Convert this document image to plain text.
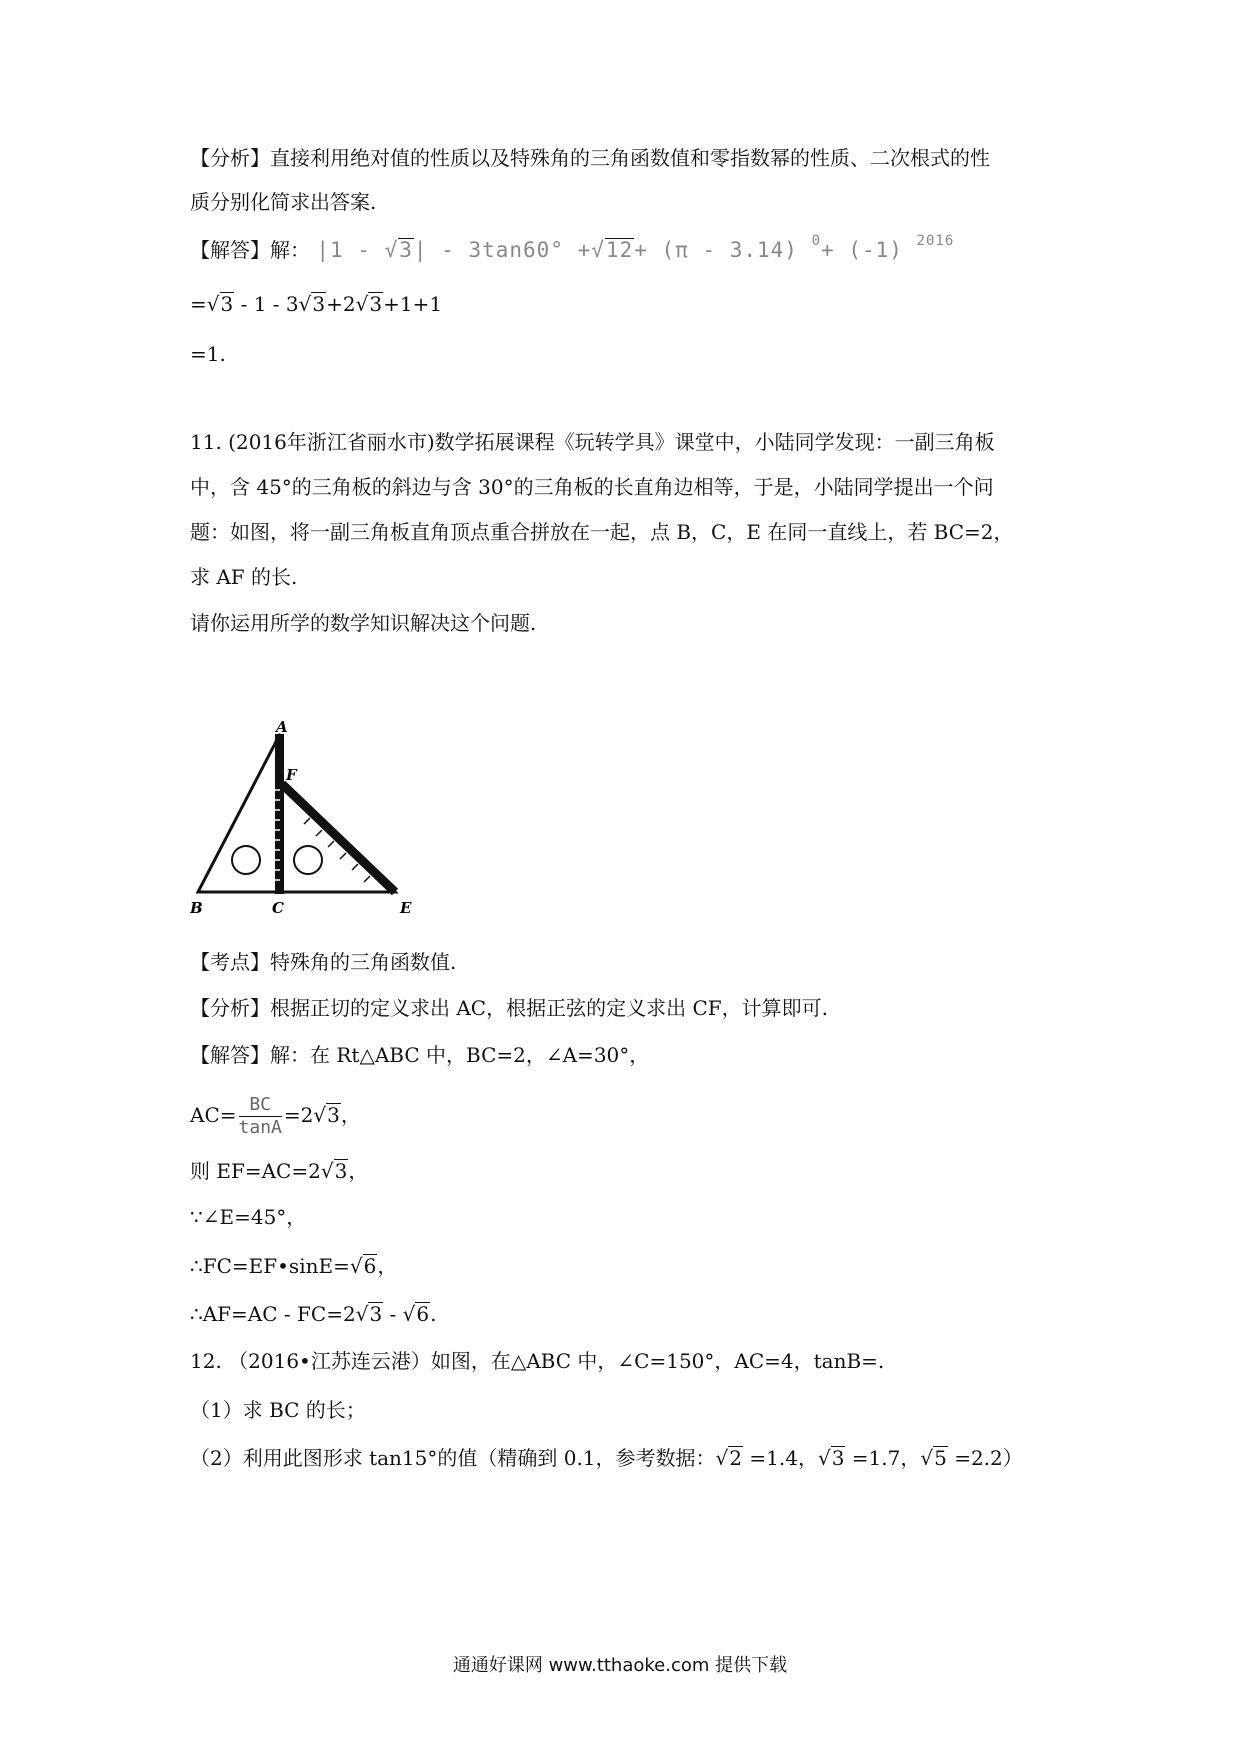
【分析】直接利用绝对值的性质以及特殊角的三角函数值和零指数幂的性质、二次根式的性
质分别化简求出答案.
【解答】解： |1 - √3| - 3tan60° +√12+ (π - 3.14) $^0$+ (-1) $^{2016}$
=√3 - 1 - 3√3+2√3+1+1
=1.
11. (2016年浙江省丽水市)数学拓展课程《玩转学具》课堂中，小陆同学发现：一副三角板
中，含 45°的三角板的斜边与含 30°的三角板的长直角边相等，于是，小陆同学提出一个问
题：如图，将一副三角板直角顶点重合拼放在一起，点 B，C，E 在同一直线上，若 BC=2，
求 AF 的长.
请你运用所学的数学知识解决这个问题.
A
F
B	C	E
【考点】特殊角的三角函数值.
【分析】根据正切的定义求出 AC，根据正弦的定义求出 CF，计算即可.
【解答】解：在 Rt△ABC 中，BC=2，∠A=30°，
$AC= \frac{BC}{\tan A} =2√3$，
则 EF=AC=2√3，
∵∠E=45°，
∴FC=EF•sinE=√6，
∴AF=AC - FC=2√3 - √6.
12. （2016•江苏连云港）如图，在△ABC 中，∠C=150°，AC=4，tanB=.
（1）求 BC 的长；
（2）利用此图形求 tan15°的值（精确到 0.1，参考数据：√2 =1.4，√3 =1.7，√5 =2.2）
通通好课网 www.tthaoke.com 提供下载
